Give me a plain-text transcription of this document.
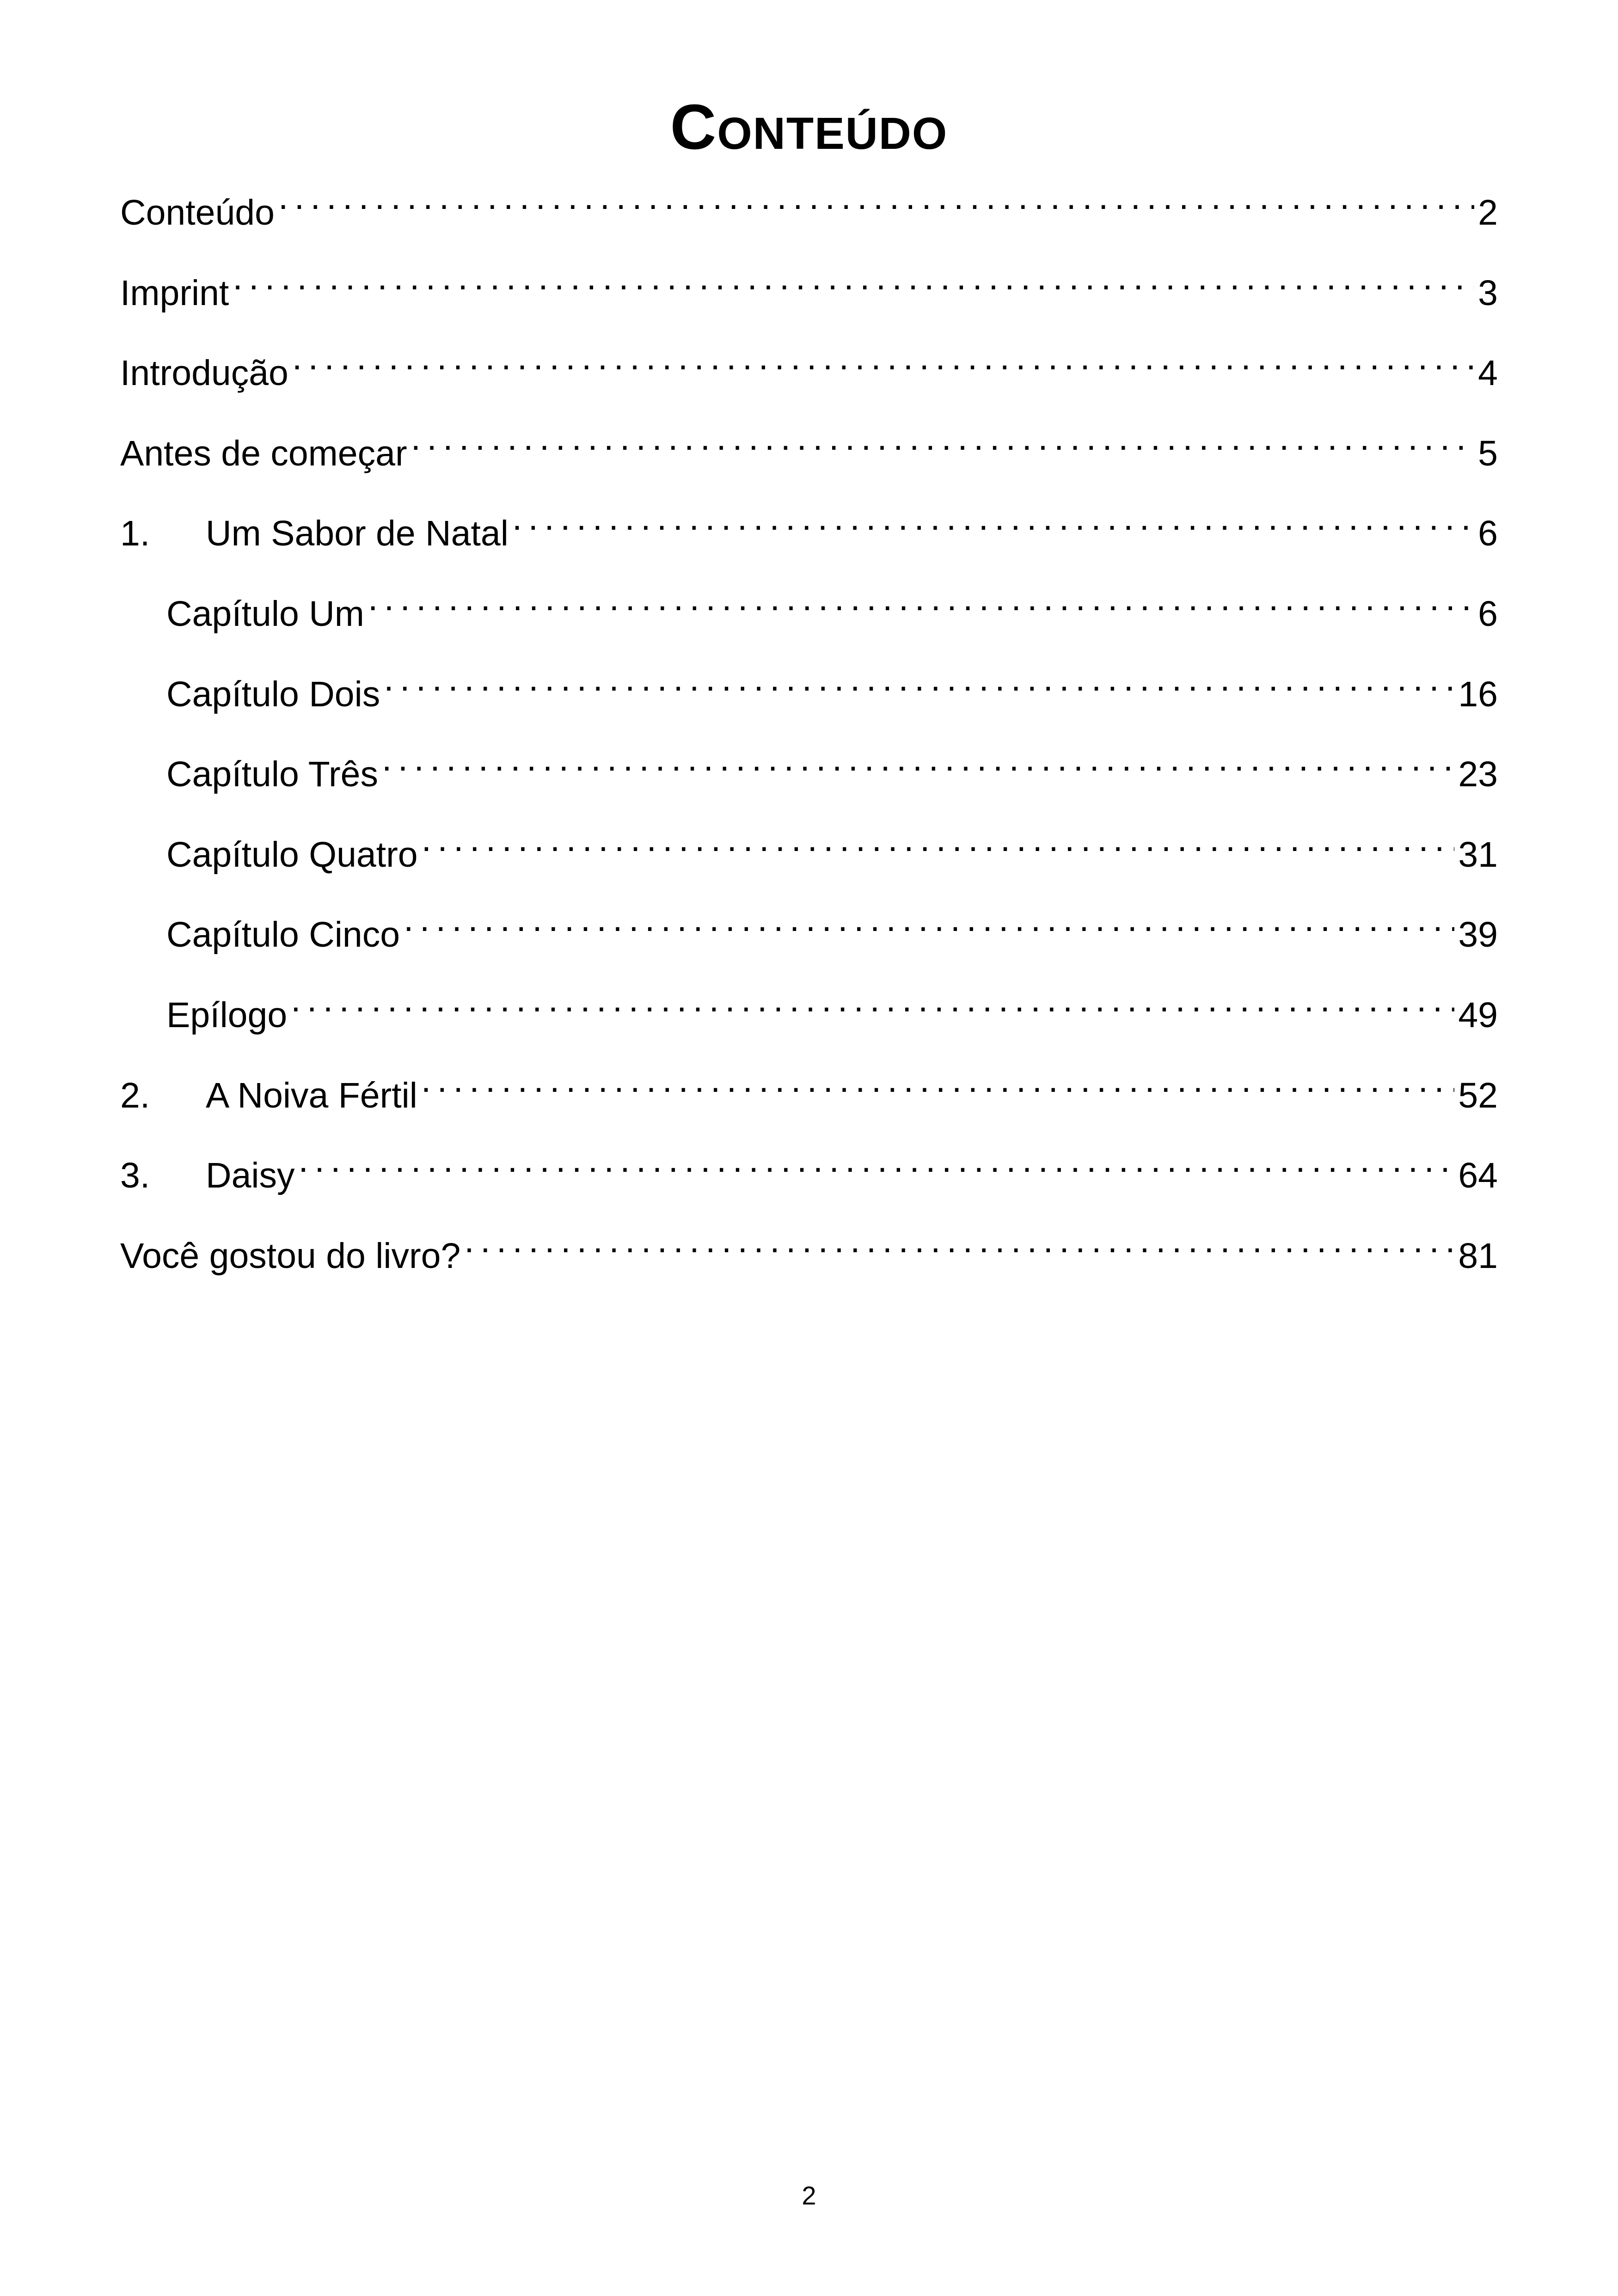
Conteúdo
Conteúdo . . .	2
Imprint . . .	3
Introdução . . .	4
Antes de começar . . .	5
1.	Um Sabor de Natal . . .	6
Capítulo Um . . .	6
Capítulo Dois . . .	16
Capítulo Três . . .	23
Capítulo Quatro . . .	31
Capítulo Cinco . . .	39
Epílogo . . .	49
2.	A Noiva Fértil . . .	52
3.	Daisy . . .	64
Você gostou do livro? . . .	81
2
